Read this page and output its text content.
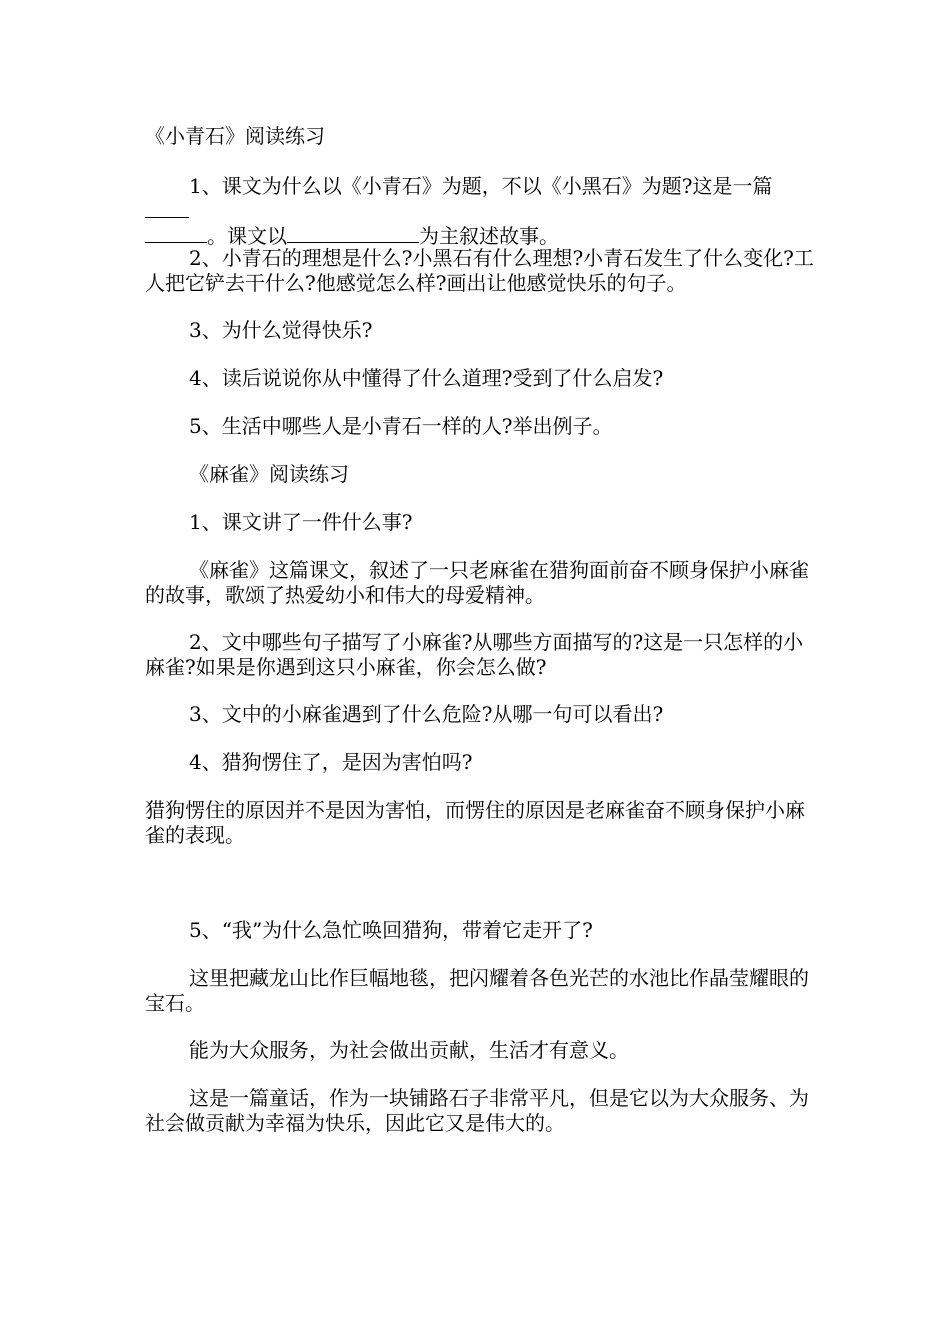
《小青石》阅读练习

1、课文为什么以《小青石》为题，不以《小黑石》为题?这是一篇
。课文以	为主叙述故事。

2、小青石的理想是什么?小黑石有什么理想?小青石发生了什么变化?工人把它铲去干什么?他感觉怎么样?画出让他感觉快乐的句子。

3、为什么觉得快乐?

4、读后说说你从中懂得了什么道理?受到了什么启发?

5、生活中哪些人是小青石一样的人?举出例子。

《麻雀》阅读练习

1、课文讲了一件什么事?

《麻雀》这篇课文，叙述了一只老麻雀在猎狗面前奋不顾身保护小麻雀的故事，歌颂了热爱幼小和伟大的母爱精神。

2、文中哪些句子描写了小麻雀?从哪些方面描写的?这是一只怎样的小麻雀?如果是你遇到这只小麻雀，你会怎么做?

3、文中的小麻雀遇到了什么危险?从哪一句可以看出?

4、猎狗愣住了，是因为害怕吗?

猎狗愣住的原因并不是因为害怕，而愣住的原因是老麻雀奋不顾身保护小麻雀的表现。

5、“我”为什么急忙唤回猎狗，带着它走开了?

这里把藏龙山比作巨幅地毯，把闪耀着各色光芒的水池比作晶莹耀眼的宝石。

能为大众服务，为社会做出贡献，生活才有意义。

这是一篇童话，作为一块铺路石子非常平凡，但是它以为大众服务、为社会做贡献为幸福为快乐，因此它又是伟大的。
